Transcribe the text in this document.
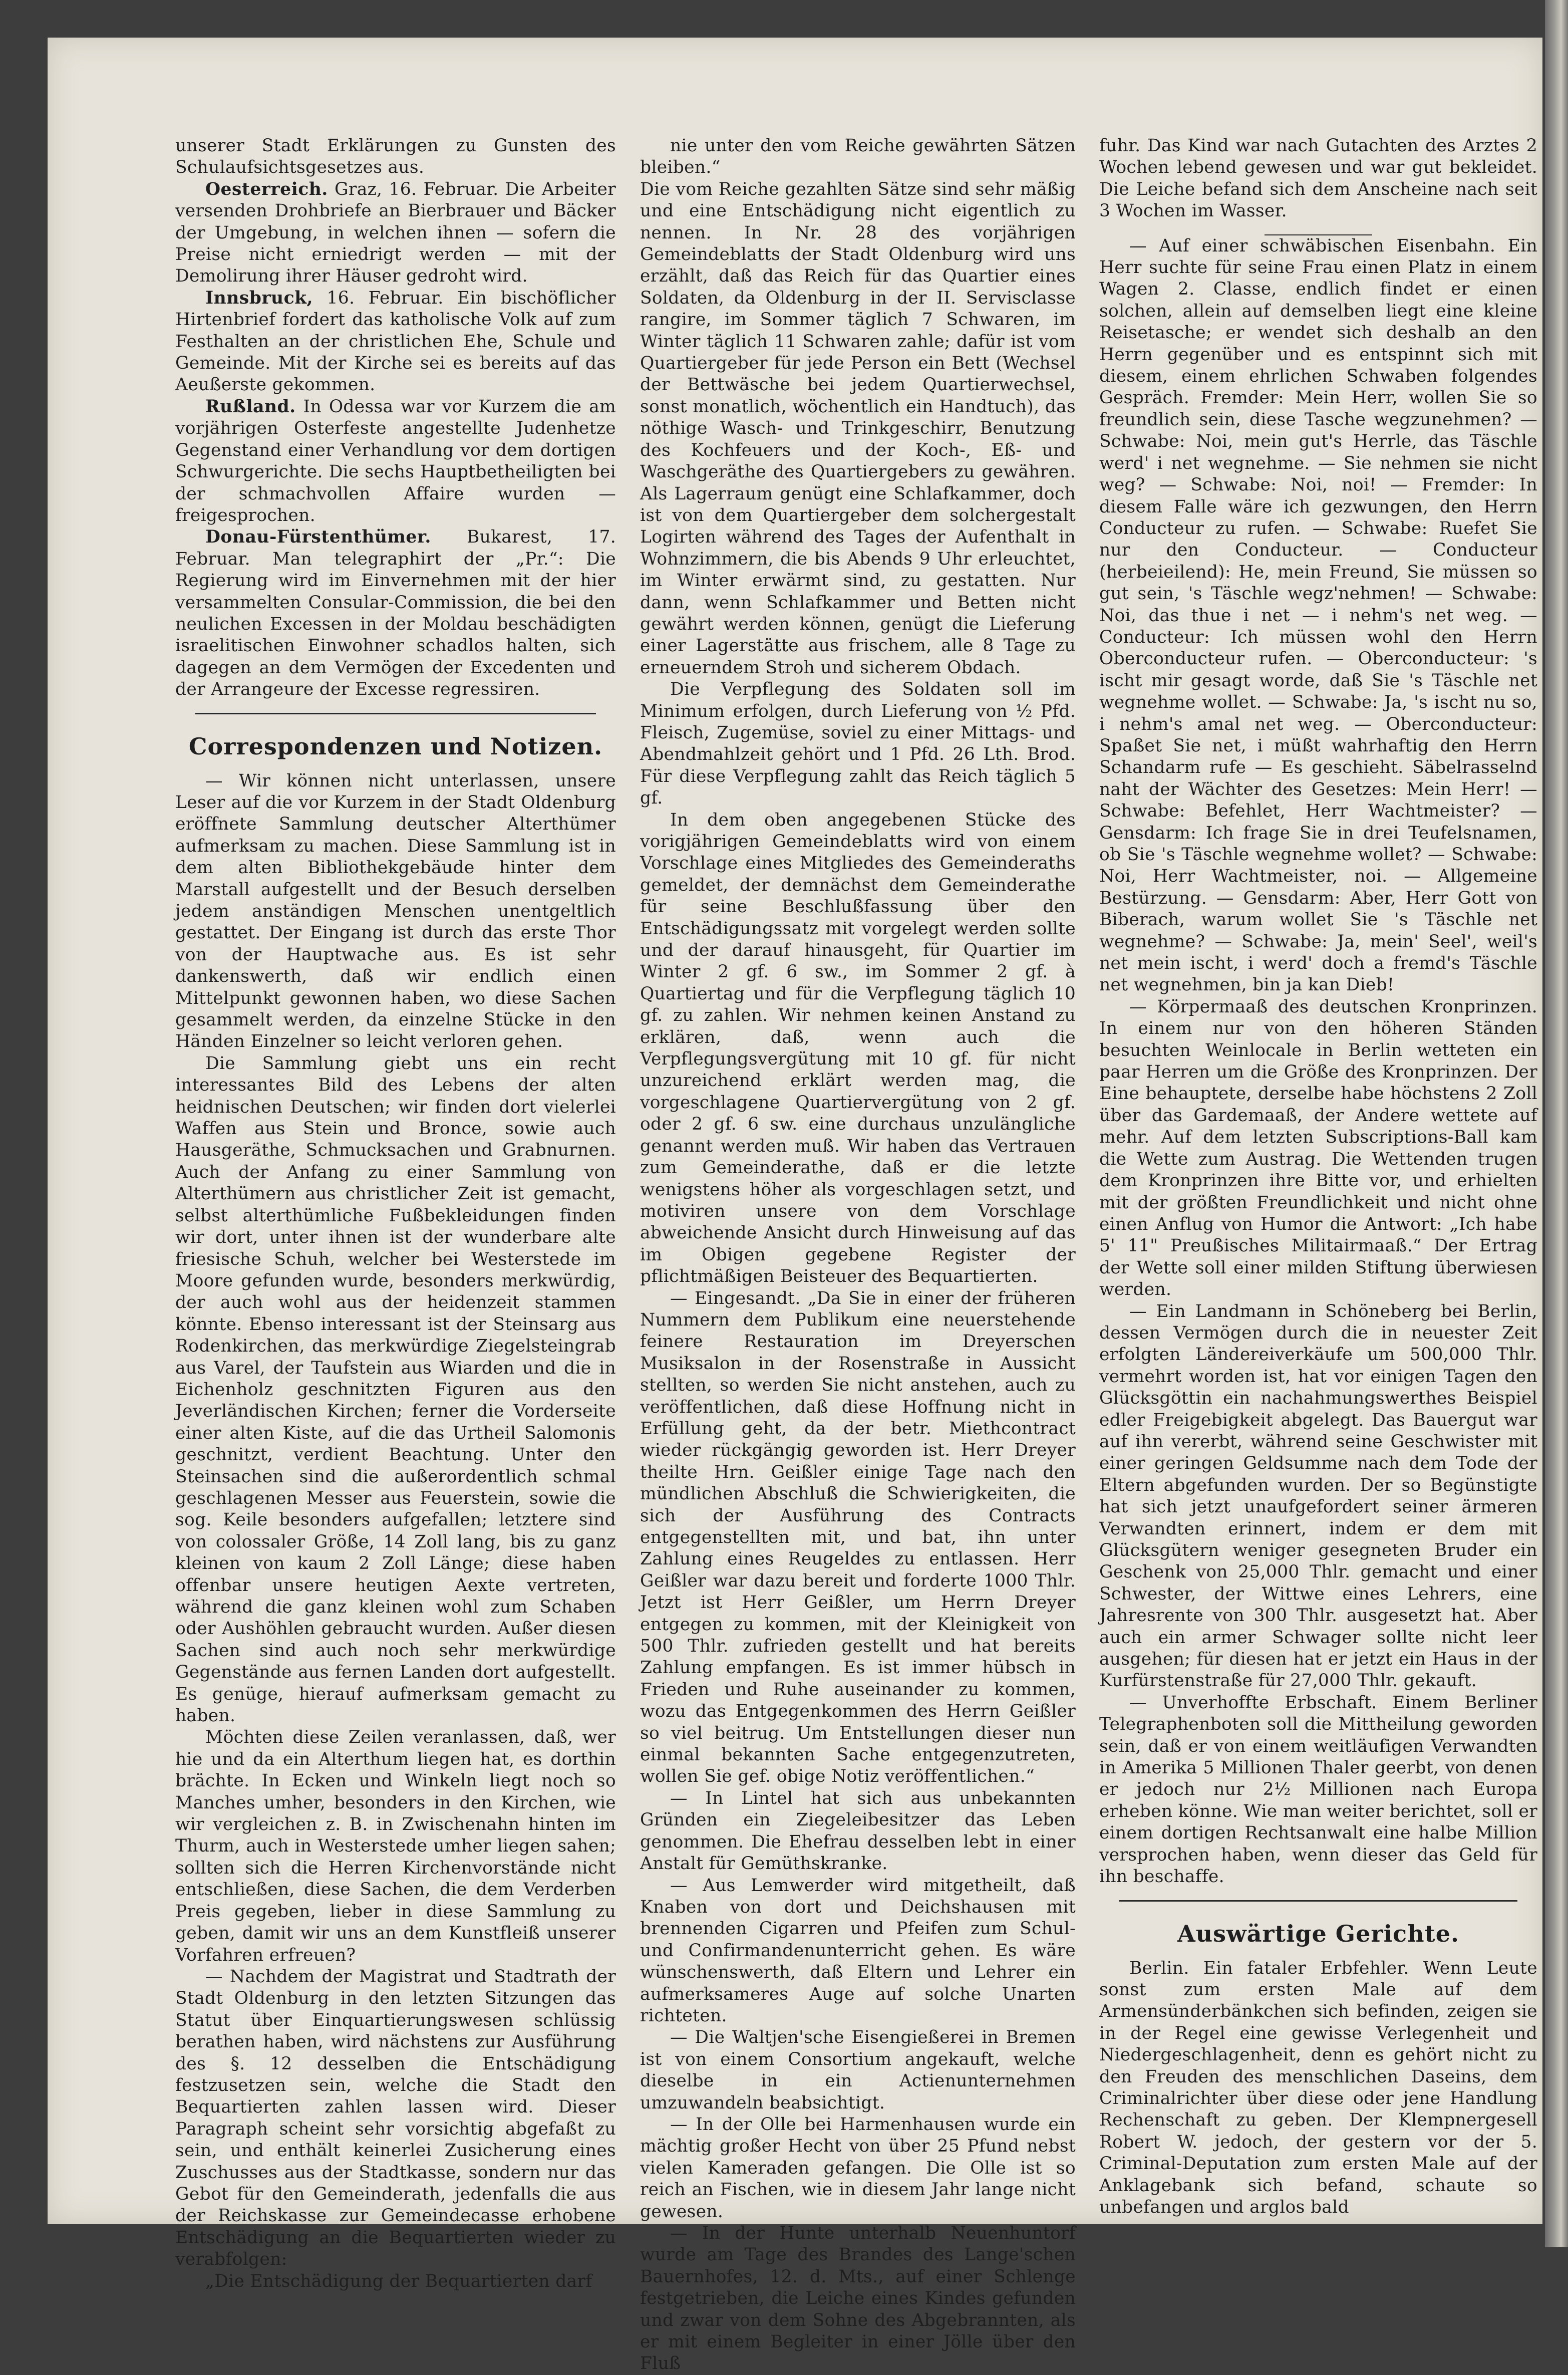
unserer Stadt Erklärungen zu Gunsten des Schulaufsichtsgesetzes aus.

Oesterreich. Graz, 16. Februar. Die Arbeiter versenden Drohbriefe an Bierbrauer und Bäcker der Umgebung, in welchen ihnen — sofern die Preise nicht erniedrigt werden — mit der Demolirung ihrer Häuser gedroht wird.

Innsbruck, 16. Februar. Ein bischöflicher Hirtenbrief fordert das katholische Volk auf zum Festhalten an der christlichen Ehe, Schule und Gemeinde. Mit der Kirche sei es bereits auf das Aeußerste gekommen.

Rußland. In Odessa war vor Kurzem die am vorjährigen Osterfeste angestellte Judenhetze Gegenstand einer Verhandlung vor dem dortigen Schwurgerichte. Die sechs Hauptbetheiligten bei der schmachvollen Affaire wurden — freigesprochen.

Donau-Fürstenthümer. Bukarest, 17. Februar. Man telegraphirt der „Pr.“: Die Regierung wird im Einvernehmen mit der hier versammelten Consular-Commission, die bei den neulichen Excessen in der Moldau beschädigten israelitischen Einwohner schadlos halten, sich dagegen an dem Vermögen der Excedenten und der Arrangeure der Excesse regressiren.

Correspondenzen und Notizen.

— Wir können nicht unterlassen, unsere Leser auf die vor Kurzem in der Stadt Oldenburg eröffnete Sammlung deutscher Alterthümer aufmerksam zu machen. Diese Sammlung ist in dem alten Bibliothekgebäude hinter dem Marstall aufgestellt und der Besuch derselben jedem anständigen Menschen unentgeltlich gestattet. Der Eingang ist durch das erste Thor von der Hauptwache aus. Es ist sehr dankenswerth, daß wir endlich einen Mittelpunkt gewonnen haben, wo diese Sachen gesammelt werden, da einzelne Stücke in den Händen Einzelner so leicht verloren gehen.

Die Sammlung giebt uns ein recht interessantes Bild des Lebens der alten heidnischen Deutschen; wir finden dort vielerlei Waffen aus Stein und Bronce, sowie auch Hausgeräthe, Schmucksachen und Grabnurnen. Auch der Anfang zu einer Sammlung von Alterthümern aus christlicher Zeit ist gemacht, selbst alterthümliche Fußbekleidungen finden wir dort, unter ihnen ist der wunderbare alte friesische Schuh, welcher bei Westerstede im Moore gefunden wurde, besonders merkwürdig, der auch wohl aus der heidenzeit stammen könnte. Ebenso interessant ist der Steinsarg aus Rodenkirchen, das merkwürdige Ziegelsteingrab aus Varel, der Taufstein aus Wiarden und die in Eichenholz geschnitzten Figuren aus den Jeverländischen Kirchen; ferner die Vorderseite einer alten Kiste, auf die das Urtheil Salomonis geschnitzt, verdient Beachtung. Unter den Steinsachen sind die außerordentlich schmal geschlagenen Messer aus Feuerstein, sowie die sog. Keile besonders aufgefallen; letztere sind von colossaler Größe, 14 Zoll lang, bis zu ganz kleinen von kaum 2 Zoll Länge; diese haben offenbar unsere heutigen Aexte vertreten, während die ganz kleinen wohl zum Schaben oder Aushöhlen gebraucht wurden. Außer diesen Sachen sind auch noch sehr merkwürdige Gegenstände aus fernen Landen dort aufgestellt. Es genüge, hierauf aufmerksam gemacht zu haben.

Möchten diese Zeilen veranlassen, daß, wer hie und da ein Alterthum liegen hat, es dorthin brächte. In Ecken und Winkeln liegt noch so Manches umher, besonders in den Kirchen, wie wir vergleichen z. B. in Zwischenahn hinten im Thurm, auch in Westerstede umher liegen sahen; sollten sich die Herren Kirchenvorstände nicht entschließen, diese Sachen, die dem Verderben Preis gegeben, lieber in diese Sammlung zu geben, damit wir uns an dem Kunstfleiß unserer Vorfahren erfreuen?

— Nachdem der Magistrat und Stadtrath der Stadt Oldenburg in den letzten Sitzungen das Statut über Einquartierungswesen schlüssig berathen haben, wird nächstens zur Ausführung des §. 12 desselben die Entschädigung festzusetzen sein, welche die Stadt den Bequartierten zahlen lassen wird. Dieser Paragraph scheint sehr vorsichtig abgefaßt zu sein, und enthält keinerlei Zusicherung eines Zuschusses aus der Stadtkasse, sondern nur das Gebot für den Gemeinderath, jedenfalls die aus der Reichskasse zur Gemeindecasse erhobene Entschädigung an die Bequartierten wieder zu verabfolgen:

„Die Entschädigung der Bequartierten darf

nie unter den vom Reiche gewährten Sätzen bleiben.“

Die vom Reiche gezahlten Sätze sind sehr mäßig und eine Entschädigung nicht eigentlich zu nennen. In Nr. 28 des vorjährigen Gemeindeblatts der Stadt Oldenburg wird uns erzählt, daß das Reich für das Quartier eines Soldaten, da Oldenburg in der II. Servisclasse rangire, im Sommer täglich 7 Schwaren, im Winter täglich 11 Schwaren zahle; dafür ist vom Quartiergeber für jede Person ein Bett (Wechsel der Bettwäsche bei jedem Quartierwechsel, sonst monatlich, wöchentlich ein Handtuch), das nöthige Wasch- und Trinkgeschirr, Benutzung des Kochfeuers und der Koch-, Eß- und Waschgeräthe des Quartiergebers zu gewähren. Als Lagerraum genügt eine Schlafkammer, doch ist von dem Quartiergeber dem solchergestalt Logirten während des Tages der Aufenthalt in Wohnzimmern, die bis Abends 9 Uhr erleuchtet, im Winter erwärmt sind, zu gestatten. Nur dann, wenn Schlafkammer und Betten nicht gewährt werden können, genügt die Lieferung einer Lagerstätte aus frischem, alle 8 Tage zu erneuerndem Stroh und sicherem Obdach.

Die Verpflegung des Soldaten soll im Minimum erfolgen, durch Lieferung von ½ Pfd. Fleisch, Zugemüse, soviel zu einer Mittags- und Abendmahlzeit gehört und 1 Pfd. 26 Lth. Brod. Für diese Verpflegung zahlt das Reich täglich 5 gf.

In dem oben angegebenen Stücke des vorigjährigen Gemeindeblatts wird von einem Vorschlage eines Mitgliedes des Gemeinderaths gemeldet, der demnächst dem Gemeinderathe für seine Beschlußfassung über den Entschädigungssatz mit vorgelegt werden sollte und der darauf hinausgeht, für Quartier im Winter 2 gf. 6 sw., im Sommer 2 gf. à Quartiertag und für die Verpflegung täglich 10 gf. zu zahlen. Wir nehmen keinen Anstand zu erklären, daß, wenn auch die Verpflegungsvergütung mit 10 gf. für nicht unzureichend erklärt werden mag, die vorgeschlagene Quartiervergütung von 2 gf. oder 2 gf. 6 sw. eine durchaus unzulängliche genannt werden muß. Wir haben das Vertrauen zum Gemeinderathe, daß er die letzte wenigstens höher als vorgeschlagen setzt, und motiviren unsere von dem Vorschlage abweichende Ansicht durch Hinweisung auf das im Obigen gegebene Register der pflichtmäßigen Beisteuer des Bequartierten.

— Eingesandt. „Da Sie in einer der früheren Nummern dem Publikum eine neuerstehende feinere Restauration im Dreyerschen Musiksalon in der Rosenstraße in Aussicht stellten, so werden Sie nicht anstehen, auch zu veröffentlichen, daß diese Hoffnung nicht in Erfüllung geht, da der betr. Miethcontract wieder rückgängig geworden ist. Herr Dreyer theilte Hrn. Geißler einige Tage nach den mündlichen Abschluß die Schwierigkeiten, die sich der Ausführung des Contracts entgegenstellten mit, und bat, ihn unter Zahlung eines Reugeldes zu entlassen. Herr Geißler war dazu bereit und forderte 1000 Thlr. Jetzt ist Herr Geißler, um Herrn Dreyer entgegen zu kommen, mit der Kleinigkeit von 500 Thlr. zufrieden gestellt und hat bereits Zahlung empfangen. Es ist immer hübsch in Frieden und Ruhe auseinander zu kommen, wozu das Entgegenkommen des Herrn Geißler so viel beitrug. Um Entstellungen dieser nun einmal bekannten Sache entgegenzutreten, wollen Sie gef. obige Notiz veröffentlichen.“

— In Lintel hat sich aus unbekannten Gründen ein Ziegeleibesitzer das Leben genommen. Die Ehefrau desselben lebt in einer Anstalt für Gemüthskranke.

— Aus Lemwerder wird mitgetheilt, daß Knaben von dort und Deichshausen mit brennenden Cigarren und Pfeifen zum Schul- und Confirmandenunterricht gehen. Es wäre wünschenswerth, daß Eltern und Lehrer ein aufmerksameres Auge auf solche Unarten richteten.

— Die Waltjen'sche Eisengießerei in Bremen ist von einem Consortium angekauft, welche dieselbe in ein Actienunternehmen umzuwandeln beabsichtigt.

— In der Olle bei Harmenhausen wurde ein mächtig großer Hecht von über 25 Pfund nebst vielen Kameraden gefangen. Die Olle ist so reich an Fischen, wie in diesem Jahr lange nicht gewesen.

— In der Hunte unterhalb Neuenhuntorf wurde am Tage des Brandes des Lange'schen Bauernhofes, 12. d. Mts., auf einer Schlenge festgetrieben, die Leiche eines Kindes gefunden und zwar von dem Sohne des Abgebrannten, als er mit einem Begleiter in einer Jölle über den Fluß

fuhr. Das Kind war nach Gutachten des Arztes 2 Wochen lebend gewesen und war gut bekleidet. Die Leiche befand sich dem Anscheine nach seit 3 Wochen im Wasser.

— Auf einer schwäbischen Eisenbahn. Ein Herr suchte für seine Frau einen Platz in einem Wagen 2. Classe, endlich findet er einen solchen, allein auf demselben liegt eine kleine Reisetasche; er wendet sich deshalb an den Herrn gegenüber und es entspinnt sich mit diesem, einem ehrlichen Schwaben folgendes Gespräch. Fremder: Mein Herr, wollen Sie so freundlich sein, diese Tasche wegzunehmen? — Schwabe: Noi, mein gut's Herrle, das Täschle werd' i net wegnehme. — Sie nehmen sie nicht weg? — Schwabe: Noi, noi! — Fremder: In diesem Falle wäre ich gezwungen, den Herrn Conducteur zu rufen. — Schwabe: Ruefet Sie nur den Conducteur. — Conducteur (herbeieilend): He, mein Freund, Sie müssen so gut sein, 's Täschle wegz'nehmen! — Schwabe: Noi, das thue i net — i nehm's net weg. — Conducteur: Ich müssen wohl den Herrn Oberconducteur rufen. — Oberconducteur: 's ischt mir gesagt worde, daß Sie 's Täschle net wegnehme wollet. — Schwabe: Ja, 's ischt nu so, i nehm's amal net weg. — Oberconducteur: Spaßet Sie net, i müßt wahrhaftig den Herrn Schandarm rufe — Es geschieht. Säbelrasselnd naht der Wächter des Gesetzes: Mein Herr! — Schwabe: Befehlet, Herr Wachtmeister? — Gensdarm: Ich frage Sie in drei Teufelsnamen, ob Sie 's Täschle wegnehme wollet? — Schwabe: Noi, Herr Wachtmeister, noi. — Allgemeine Bestürzung. — Gensdarm: Aber, Herr Gott von Biberach, warum wollet Sie 's Täschle net wegnehme? — Schwabe: Ja, mein' Seel', weil's net mein ischt, i werd' doch a fremd's Täschle net wegnehmen, bin ja kan Dieb!

— Körpermaaß des deutschen Kronprinzen. In einem nur von den höheren Ständen besuchten Weinlocale in Berlin wetteten ein paar Herren um die Größe des Kronprinzen. Der Eine behauptete, derselbe habe höchstens 2 Zoll über das Gardemaaß, der Andere wettete auf mehr. Auf dem letzten Subscriptions-Ball kam die Wette zum Austrag. Die Wettenden trugen dem Kronprinzen ihre Bitte vor, und erhielten mit der größten Freundlichkeit und nicht ohne einen Anflug von Humor die Antwort: „Ich habe 5' 11" Preußisches Militairmaaß.“ Der Ertrag der Wette soll einer milden Stiftung überwiesen werden.

— Ein Landmann in Schöneberg bei Berlin, dessen Vermögen durch die in neuester Zeit erfolgten Ländereiverkäufe um 500,000 Thlr. vermehrt worden ist, hat vor einigen Tagen den Glücksgöttin ein nachahmungswerthes Beispiel edler Freigebigkeit abgelegt. Das Bauergut war auf ihn vererbt, während seine Geschwister mit einer geringen Geldsumme nach dem Tode der Eltern abgefunden wurden. Der so Begünstigte hat sich jetzt unaufgefordert seiner ärmeren Verwandten erinnert, indem er dem mit Glücksgütern weniger gesegneten Bruder ein Geschenk von 25,000 Thlr. gemacht und einer Schwester, der Wittwe eines Lehrers, eine Jahresrente von 300 Thlr. ausgesetzt hat. Aber auch ein armer Schwager sollte nicht leer ausgehen; für diesen hat er jetzt ein Haus in der Kurfürstenstraße für 27,000 Thlr. gekauft.

— Unverhoffte Erbschaft. Einem Berliner Telegraphenboten soll die Mittheilung geworden sein, daß er von einem weitläufigen Verwandten in Amerika 5 Millionen Thaler geerbt, von denen er jedoch nur 2½ Millionen nach Europa erheben könne. Wie man weiter berichtet, soll er einem dortigen Rechtsanwalt eine halbe Million versprochen haben, wenn dieser das Geld für ihn beschaffe.

Auswärtige Gerichte.

Berlin. Ein fataler Erbfehler. Wenn Leute sonst zum ersten Male auf dem Armensünderbänkchen sich befinden, zeigen sie in der Regel eine gewisse Verlegenheit und Niedergeschlagenheit, denn es gehört nicht zu den Freuden des menschlichen Daseins, dem Criminalrichter über diese oder jene Handlung Rechenschaft zu geben. Der Klempnergesell Robert W. jedoch, der gestern vor der 5. Criminal-Deputation zum ersten Male auf der Anklagebank sich befand, schaute so unbefangen und arglos bald
